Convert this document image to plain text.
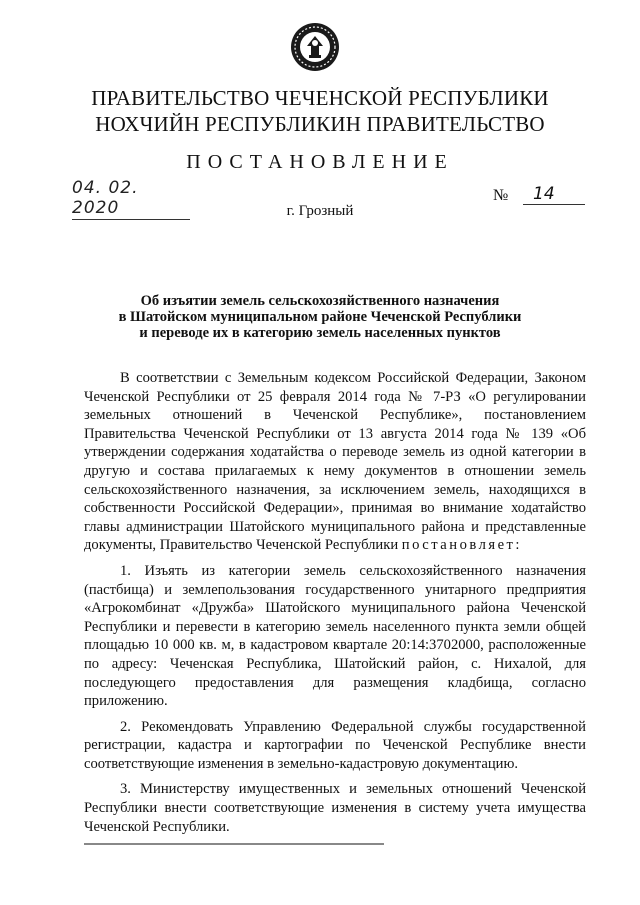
ПРАВИТЕЛЬСТВО ЧЕЧЕНСКОЙ РЕСПУБЛИКИ
НОХЧИЙН РЕСПУБЛИКИН ПРАВИТЕЛЬСТВО
ПОСТАНОВЛЕНИЕ
04. 02. 2020
№	14
г. Грозный
Об изъятии земель сельскохозяйственного назначения
в Шатойском муниципальном районе Чеченской Республики
и переводе их в категорию земель населенных пунктов

В соответствии с Земельным кодексом Российской Федерации, Законом Чеченской Республики от 25 февраля 2014 года № 7-РЗ «О регулировании земельных отношений в Чеченской Республике», постановлением Правительства Чеченской Республики от 13 августа 2014 года № 139 «Об утверждении содержания ходатайства о переводе земель из одной категории в другую и состава прилагаемых к нему документов в отношении земель сельскохозяйственного назначения, за исключением земель, находящихся в собственности Российской Федерации», принимая во внимание ходатайство главы администрации Шатойского муниципального района и представленные документы, Правительство Чеченской Республики постановляет:

1. Изъять из категории земель сельскохозяйственного назначения (пастбища) и землепользования государственного унитарного предприятия «Агрокомбинат «Дружба» Шатойского муниципального района Чеченской Республики и перевести в категорию земель населенного пункта земли общей площадью 10 000 кв. м, в кадастровом квартале 20:14:3702000, расположенные по адресу: Чеченская Республика, Шатойский район, с. Нихалой, для последующего предоставления для размещения кладбища, согласно приложению.

2. Рекомендовать Управлению Федеральной службы государственной регистрации, кадастра и картографии по Чеченской Республике внести соответствующие изменения в земельно-кадастровую документацию.

3. Министерству имущественных и земельных отношений Чеченской Республики внести соответствующие изменения в систему учета имущества Чеченской Республики.
